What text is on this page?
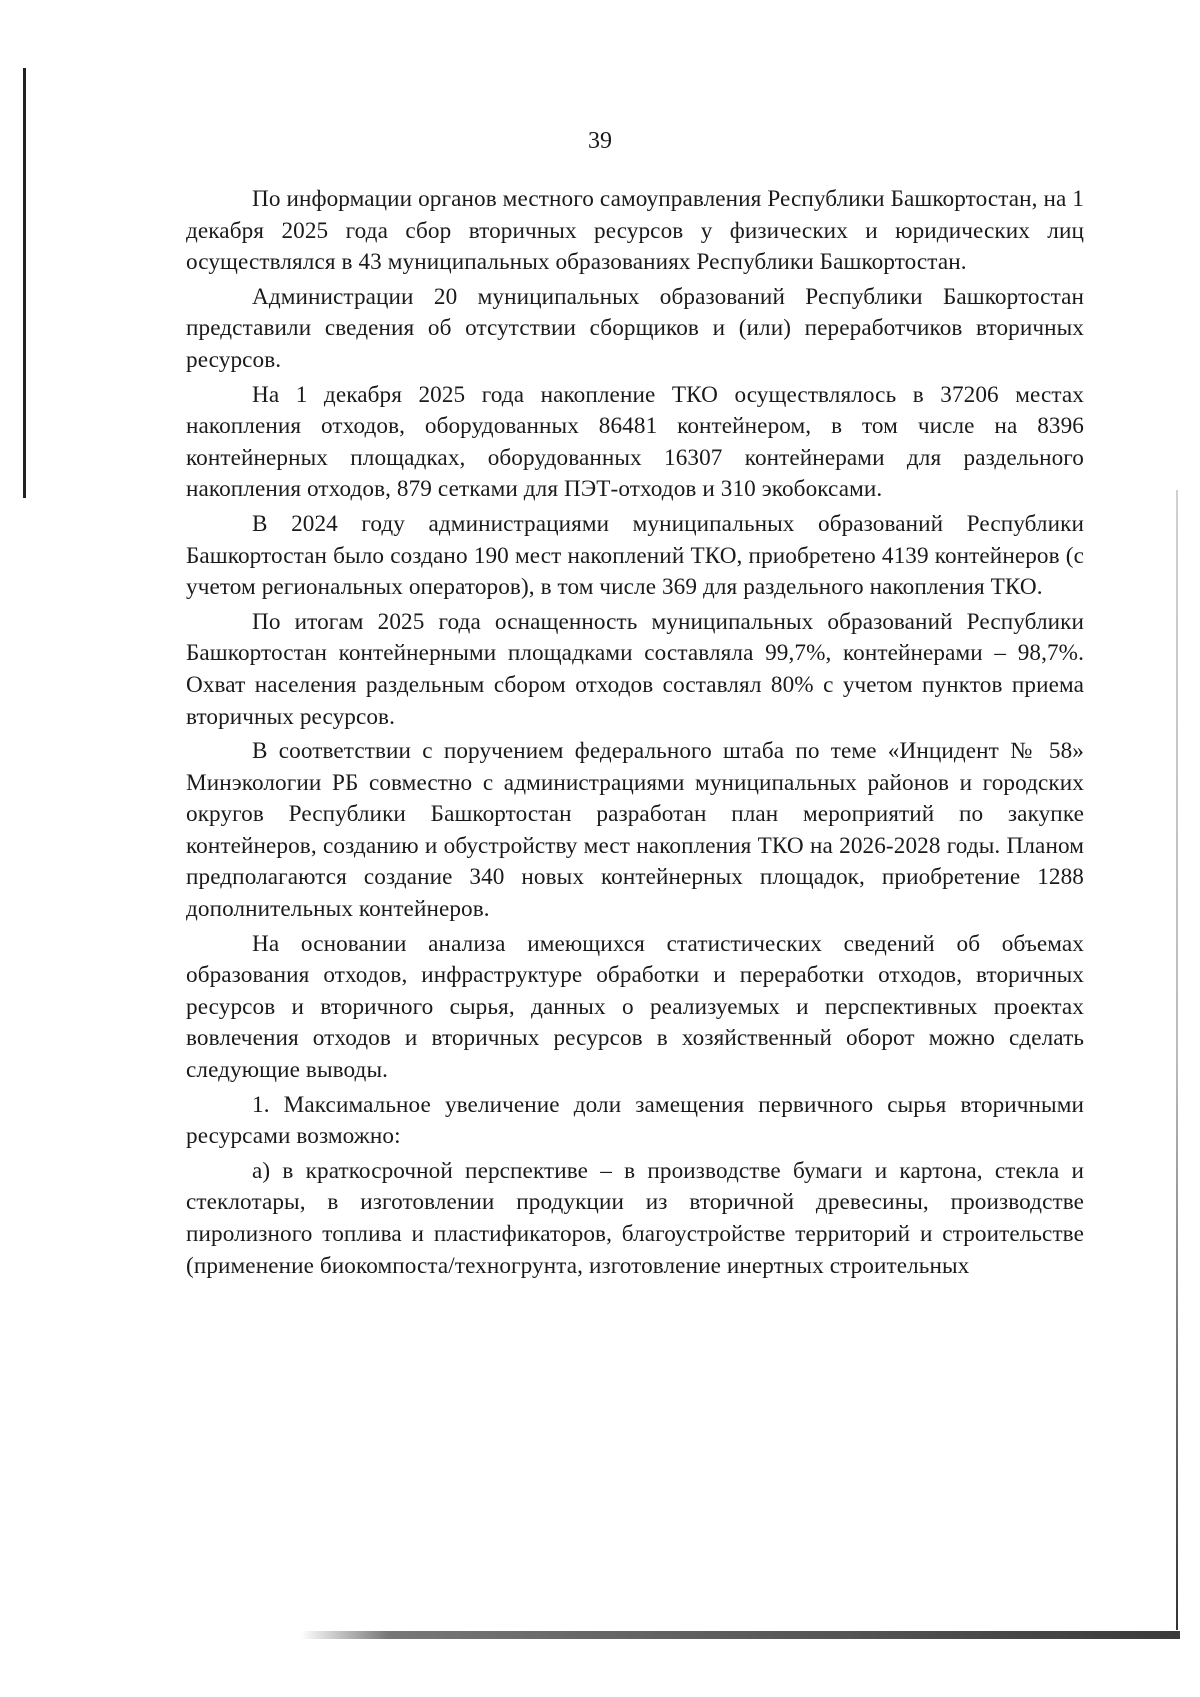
39

По информации органов местного самоуправления Республики Башкортостан, на 1 декабря 2025 года сбор вторичных ресурсов у физических и юридических лиц осуществлялся в 43 муниципальных образованиях Республики Башкортостан.

Администрации 20 муниципальных образований Республики Башкортостан представили сведения об отсутствии сборщиков и (или) переработчиков вторичных ресурсов.

На 1 декабря 2025 года накопление ТКО осуществлялось в 37206 местах накопления отходов, оборудованных 86481 контейнером, в том числе на 8396 контейнерных площадках, оборудованных 16307 контейнерами для раздельного накопления отходов, 879 сетками для ПЭТ-отходов и 310 экобоксами.

В 2024 году администрациями муниципальных образований Республики Башкортостан было создано 190 мест накоплений ТКО, приобретено 4139 контейнеров (с учетом региональных операторов), в том числе 369 для раздельного накопления ТКО.

По итогам 2025 года оснащенность муниципальных образований Республики Башкортостан контейнерными площадками составляла 99,7%, контейнерами – 98,7%. Охват населения раздельным сбором отходов составлял 80% с учетом пунктов приема вторичных ресурсов.

В соответствии с поручением федерального штаба по теме «Инцидент № 58» Минэкологии РБ совместно с администрациями муниципальных районов и городских округов Республики Башкортостан разработан план мероприятий по закупке контейнеров, созданию и обустройству мест накопления ТКО на 2026-2028 годы. Планом предполагаются создание 340 новых контейнерных площадок, приобретение 1288 дополнительных контейнеров.

На основании анализа имеющихся статистических сведений об объемах образования отходов, инфраструктуре обработки и переработки отходов, вторичных ресурсов и вторичного сырья, данных о реализуемых и перспективных проектах вовлечения отходов и вторичных ресурсов в хозяйственный оборот можно сделать следующие выводы.

1. Максимальное увеличение доли замещения первичного сырья вторичными ресурсами возможно:

а) в краткосрочной перспективе – в производстве бумаги и картона, стекла и стеклотары, в изготовлении продукции из вторичной древесины, производстве пиролизного топлива и пластификаторов, благоустройстве территорий и строительстве (применение биокомпоста/техногрунта, изготовление инертных строительных
